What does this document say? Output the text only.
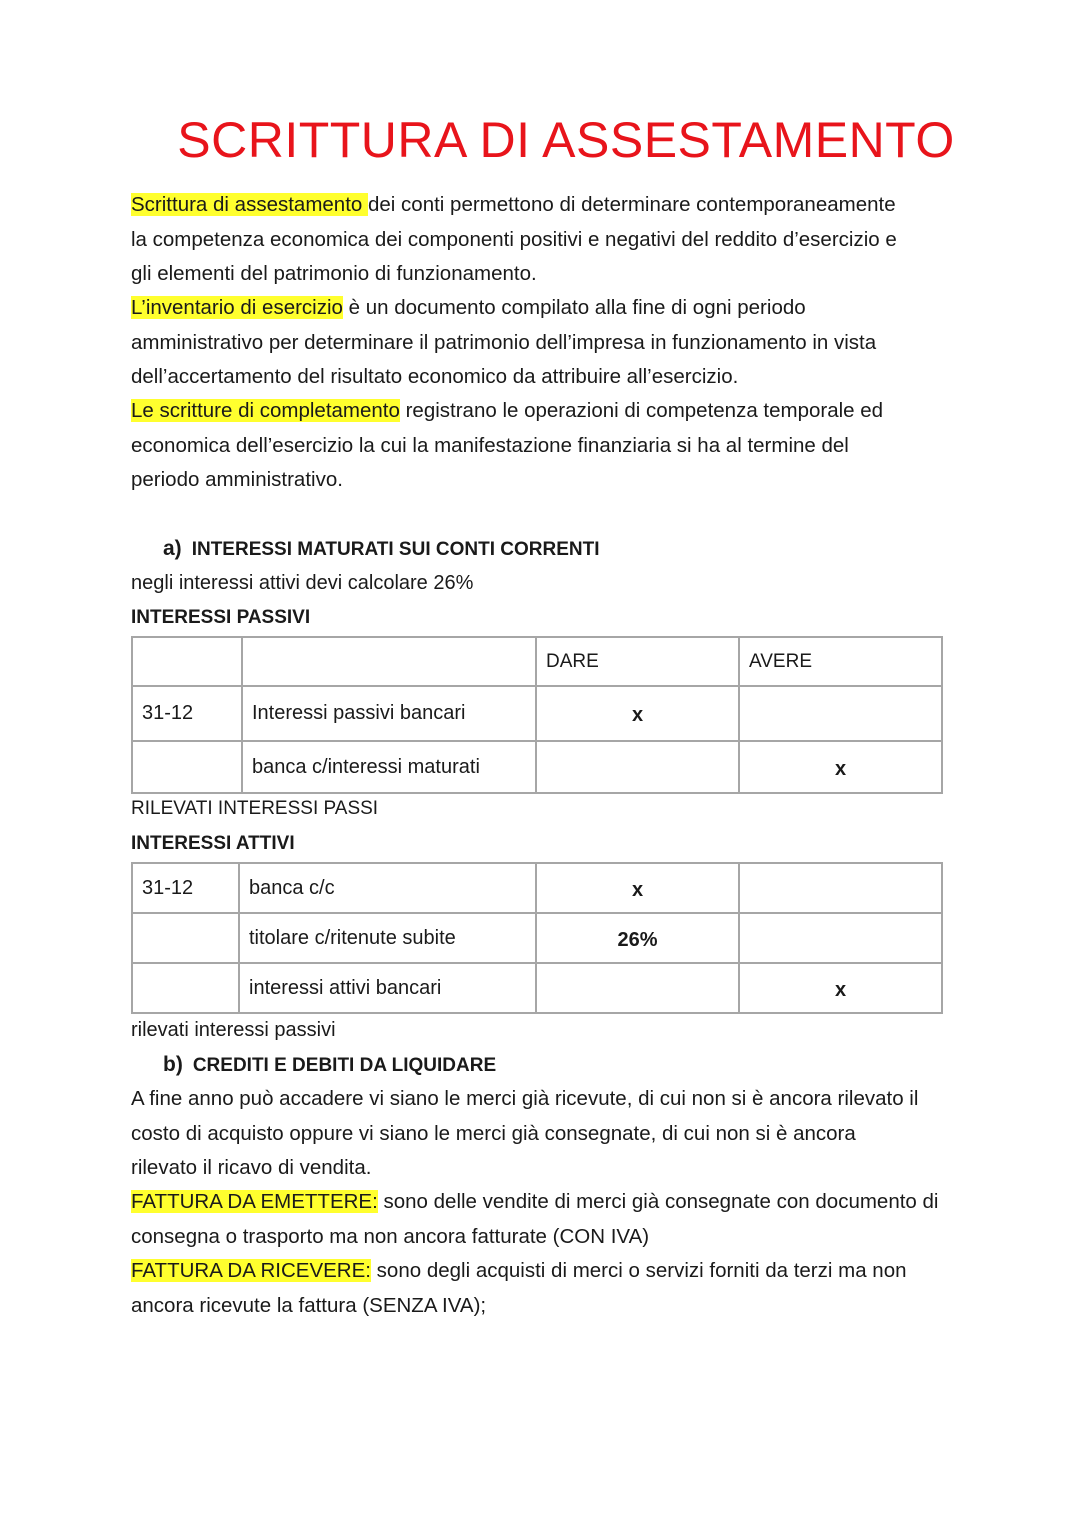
SCRITTURA DI ASSESTAMENTO

Scrittura di assestamento dei conti permettono di determinare contemporaneamente
la competenza economica dei componenti positivi e negativi del reddito d’esercizio e
gli elementi del patrimonio di funzionamento.

L’inventario di esercizio è un documento compilato alla fine di ogni periodo
amministrativo per determinare il patrimonio dell’impresa in funzionamento in vista
dell’accertamento del risultato economico da attribuire all’esercizio.

Le scritture di completamento registrano le operazioni di competenza temporale ed
economica dell’esercizio la cui la manifestazione finanziaria si ha al termine del
periodo amministrativo.

a) INTERESSI MATURATI SUI CONTI CORRENTI

negli interessi attivi devi calcolare 26%

INTERESSI PASSIVI
		DARE	AVERE
31-12	Interessi passivi bancari	x	
	banca c/interessi maturati		x

RILEVATI INTERESSI PASSI

INTERESSI ATTIVI
31-12	banca c/c	x	
	titolare c/ritenute subite	26%	
	interessi attivi bancari		x

rilevati interessi passivi

b) CREDITI E DEBITI DA LIQUIDARE

A fine anno può accadere vi siano le merci già ricevute, di cui non si è ancora rilevato il
costo di acquisto oppure vi siano le merci già consegnate, di cui non si è ancora
rilevato il ricavo di vendita.

FATTURA DA EMETTERE: sono delle vendite di merci già consegnate con documento di
consegna o trasporto ma non ancora fatturate (CON IVA)

FATTURA DA RICEVERE: sono degli acquisti di merci o servizi forniti da terzi ma non
ancora ricevute la fattura (SENZA IVA);
